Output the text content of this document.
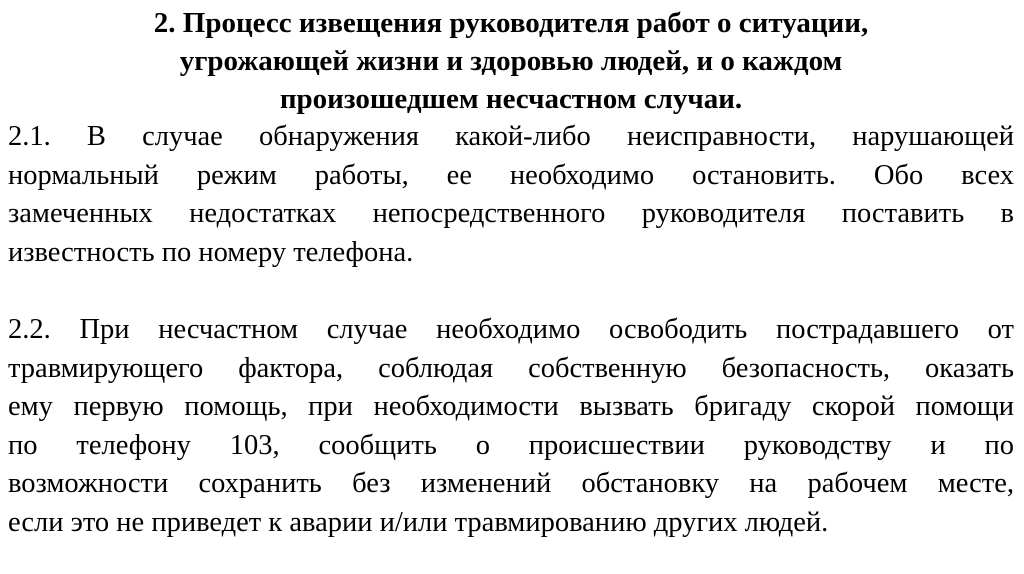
2. Процесс извещения руководителя работ о ситуации,
угрожающей жизни и здоровью людей, и о каждом
произошедшем несчастном случаи.

2.1. В случае обнаружения какой-либо неисправности, нарушающей
нормальный режим работы, ее необходимо остановить. Обо всех
замеченных недостатках непосредственного руководителя поставить в
известность по номеру телефона.

2.2. При несчастном случае необходимо освободить пострадавшего от
травмирующего фактора, соблюдая собственную безопасность, оказать
ему первую помощь, при необходимости вызвать бригаду скорой помощи
по телефону 103, сообщить о происшествии руководству и по
возможности сохранить без изменений обстановку на рабочем месте,
если это не приведет к аварии и/или травмированию других людей.
